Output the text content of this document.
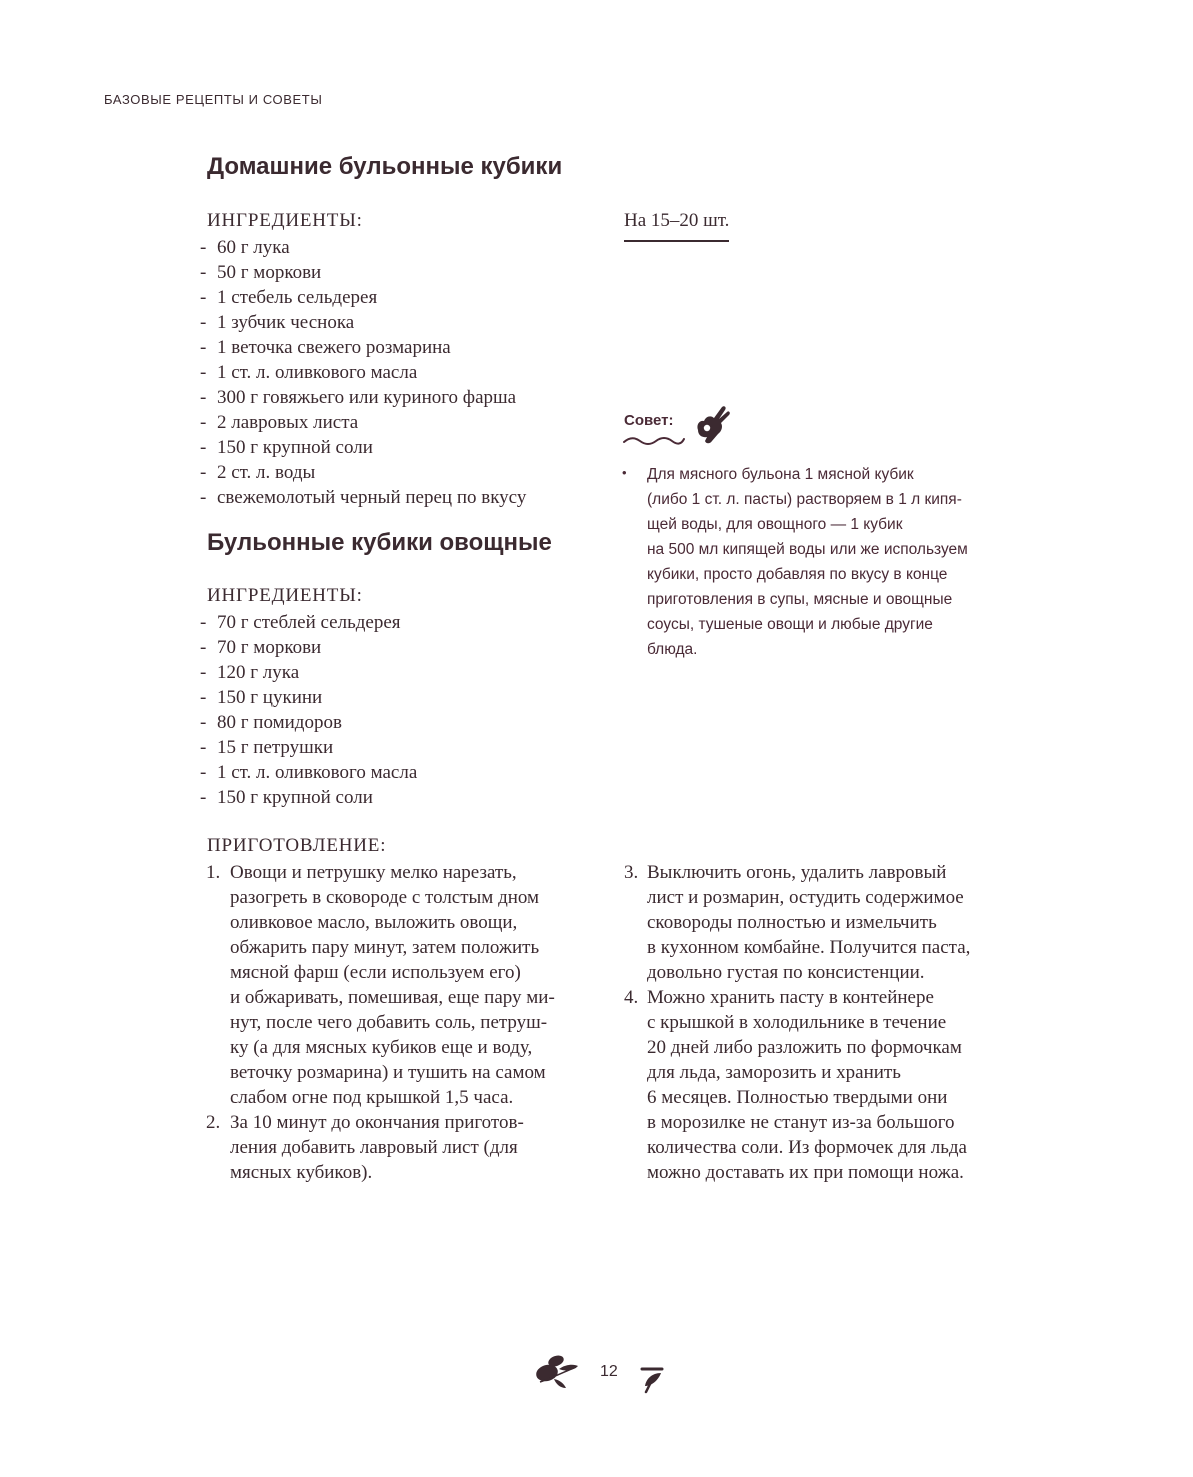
БАЗОВЫЕ РЕЦЕПТЫ И СОВЕТЫ
Домашние бульонные кубики
ИНГРЕДИЕНТЫ:
- 60 г лука
- 50 г моркови
- 1 стебель сельдерея
- 1 зубчик чеснока
- 1 веточка свежего розмарина
- 1 ст. л. оливкового масла
- 300 г говяжьего или куриного фарша
- 2 лавровых листа
- 150 г крупной соли
- 2 ст. л. воды
- свежемолотый черный перец по вкусу
На 15–20 шт.
Бульонные кубики овощные
ИНГРЕДИЕНТЫ:
- 70 г стеблей сельдерея
- 70 г моркови
- 120 г лука
- 150 г цукини
- 80 г помидоров
- 15 г петрушки
- 1 ст. л. оливкового масла
- 150 г крупной соли
Совет:
• Для мясного бульона 1 мясной кубик
(либо 1 ст. л. пасты) растворяем в 1 л кипя-
щей воды, для овощного — 1 кубик
на 500 мл кипящей воды или же используем
кубики, просто добавляя по вкусу в конце
приготовления в супы, мясные и овощные
соусы, тушеные овощи и любые другие
блюда.
ПРИГОТОВЛЕНИЕ:
1. Овощи и петрушку мелко нарезать,
разогреть в сковороде с толстым дном
оливковое масло, выложить овощи,
обжарить пару минут, затем положить
мясной фарш (если используем его)
и обжаривать, помешивая, еще пару ми-
нут, после чего добавить соль, петруш-
ку (а для мясных кубиков еще и воду,
веточку розмарина) и тушить на самом
слабом огне под крышкой 1,5 часа.
2. За 10 минут до окончания приготов-
ления добавить лавровый лист (для
мясных кубиков).
3. Выключить огонь, удалить лавровый
лист и розмарин, остудить содержимое
сковороды полностью и измельчить
в кухонном комбайне. Получится паста,
довольно густая по консистенции.
4. Можно хранить пасту в контейнере
с крышкой в холодильнике в течение
20 дней либо разложить по формочкам
для льда, заморозить и хранить
6 месяцев. Полностью твердыми они
в морозилке не станут из-за большого
количества соли. Из формочек для льда
можно доставать их при помощи ножа.
12
